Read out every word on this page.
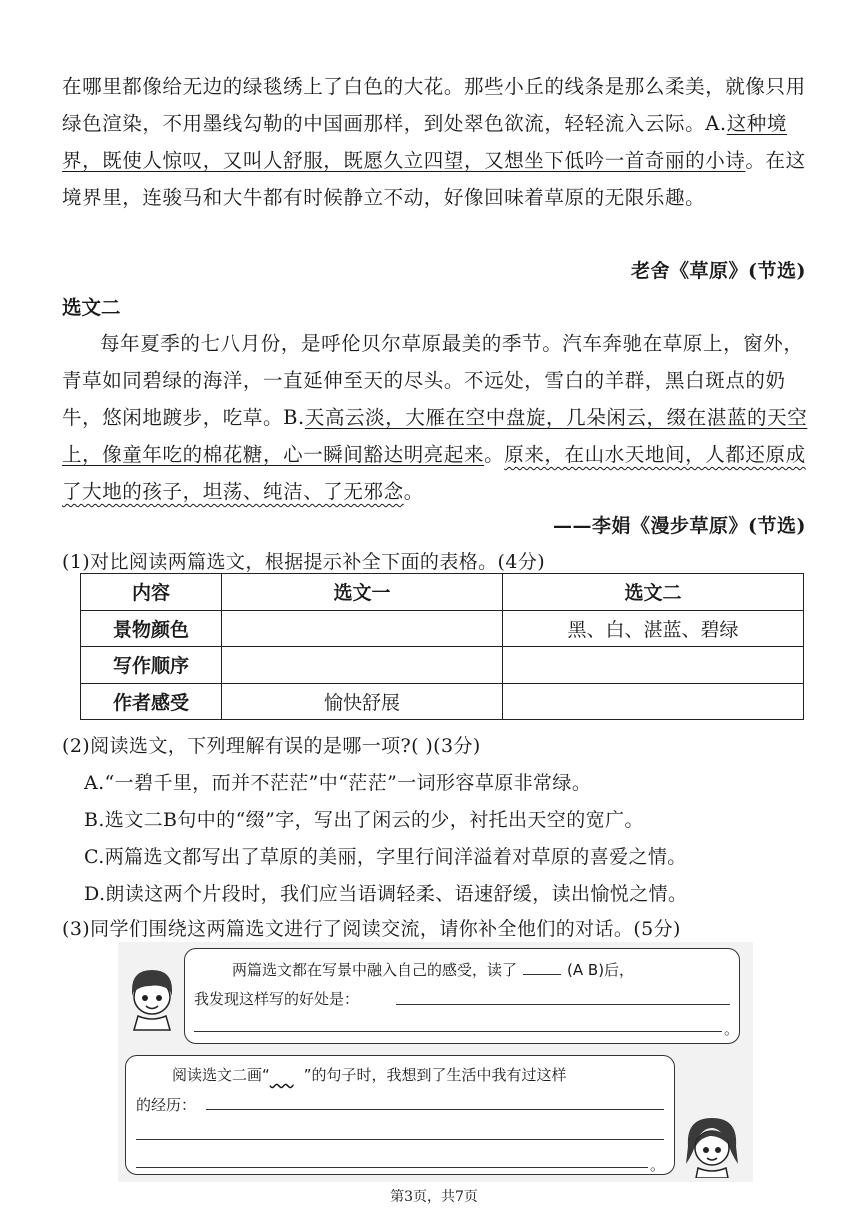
在哪里都像给无边的绿毯绣上了白色的大花。那些小丘的线条是那么柔美，就像只用绿色渲染，不用墨线勾勒的中国画那样，到处翠色欲流，轻轻流入云际。A.这种境界，既使人惊叹，又叫人舒服，既愿久立四望，又想坐下低吟一首奇丽的小诗。在这境界里，连骏马和大牛都有时候静立不动，好像回味着草原的无限乐趣。
老舍《草原》(节选)
选文二
每年夏季的七八月份，是呼伦贝尔草原最美的季节。汽车奔驰在草原上，窗外，青草如同碧绿的海洋，一直延伸至天的尽头。不远处，雪白的羊群，黑白斑点的奶牛，悠闲地踱步，吃草。B.天高云淡，大雁在空中盘旋，几朵闲云，缀在湛蓝的天空上，像童年吃的棉花糖，心一瞬间豁达明亮起来。原来，在山水天地间，人都还原成了大地的孩子，坦荡、纯洁、了无邪念。
——李娟《漫步草原》(节选)
(1)对比阅读两篇选文，根据提示补全下面的表格。(4分)
内容	选文一	选文二
景物颜色		黑、白、湛蓝、碧绿
写作顺序		
作者感受	愉快舒展	
(2)阅读选文，下列理解有误的是哪一项?( )(3分)
A.“一碧千里，而并不茫茫”中“茫茫”一词形容草原非常绿。
B.选文二B句中的“缀”字，写出了闲云的少，衬托出天空的宽广。
C.两篇选文都写出了草原的美丽，字里行间洋溢着对草原的喜爱之情。
D.朗读这两个片段时，我们应当语调轻柔、语速舒缓，读出愉悦之情。
(3)同学们围绕这两篇选文进行了阅读交流，请你补全他们的对话。(5分)
两篇选文都在写景中融入自己的感受，读了	(A B)后，
我发现这样写的好处是：
。
阅读选文二画“ ”的句子时，我想到了生活中我有过这样
的经历：
。
第3页，共7页
